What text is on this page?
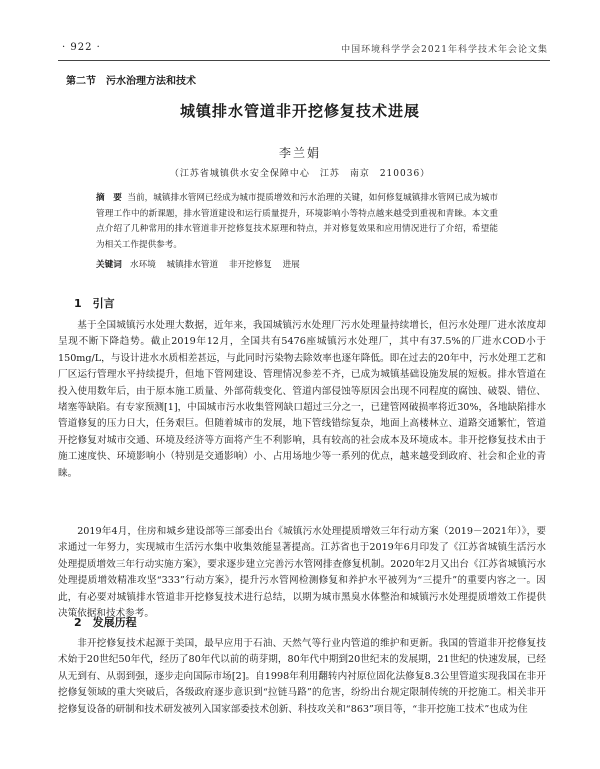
· 922 ·	中国环境科学学会2021年科学技术年会论文集
第二节　污水治理方法和技术
城镇排水管道非开挖修复技术进展
李兰娟
（江苏省城镇供水安全保障中心　江苏　南京　210036）
摘　要 当前，城镇排水管网已经成为城市提质增效和污水治理的关键，如何修复城镇排水管网已成为城市管理工作中的新课题，排水管道建设和运行质量提升，环境影响小等特点越来越受到重视和青睐。本文重点介绍了几种常用的排水管道非开挖修复技术原理和特点，并对修复效果和应用情况进行了介绍，希望能为相关工作提供参考。
关键词 水环境 城镇排水管道 非开挖修复 进展
1　引言
基于全国城镇污水处理大数据，近年来，我国城镇污水处理厂污水处理量持续增长，但污水处理厂进水浓度却呈现不断下降趋势。截止2019年12月，全国共有5476座城镇污水处理厂，其中有37.5%的厂进水COD小于150mg/L，与设计进水水质相差甚远，与此同时污染物去除效率也逐年降低。即在过去的20年中，污水处理工艺和厂区运行管理水平持续提升，但地下管网建设、管理情况参差不齐，已成为城镇基础设施发展的短板。排水管道在投入使用数年后，由于原本施工质量、外部荷载变化、管道内部侵蚀等原因会出现不同程度的腐蚀、破裂、错位、堵塞等缺陷。有专家预测[1]，中国城市污水收集管网缺口超过三分之一，已建管网破损率将近30%，各地缺陷排水管道修复的压力日大，任务艰巨。但随着城市的发展，地下管线错综复杂，地面上高楼林立、道路交通繁忙，管道开挖修复对城市交通、环境及经济等方面将产生不利影响，具有较高的社会成本及环境成本。非开挖修复技术由于施工速度快、环境影响小（特别是交通影响）小、占用场地少等一系列的优点，越来越受到政府、社会和企业的青睐。
2019年4月，住房和城乡建设部等三部委出台《城镇污水处理提质增效三年行动方案（2019－2021年）》，要求通过一年努力，实现城市生活污水集中收集效能显著提高。江苏省也于2019年6月印发了《江苏省城镇生活污水处理提质增效三年行动实施方案》，要求逐步建立完善污水管网排查修复机制。2020年2月又出台《江苏省城镇污水处理提质增效精准攻坚“333”行动方案》，提升污水管网检测修复和养护水平被列为“三提升”的重要内容之一。因此，有必要对城镇排水管道非开挖修复技术进行总结，以期为城市黑臭水体整治和城镇污水处理提质增效工作提供决策依据和技术参考。
2　发展历程
非开挖修复技术起源于美国，最早应用于石油、天然气等行业内管道的维护和更新。我国的管道非开挖修复技术始于20世纪50年代，经历了80年代以前的萌芽期，80年代中期到20世纪末的发展期，21世纪的快速发展，已经从无到有、从弱到强，逐步走向国际市场[2]。自1998年利用翻转内衬原位固化法修复8.3公里管道实现我国在非开挖修复领域的重大突破后，各级政府逐步意识到“拉链马路”的危害，纷纷出台规定限制传统的开挖施工。相关非开挖修复设备的研制和技术研发被列入国家部委技术创新、科技攻关和“863”项目等，“非开挖施工技术”也成为住
